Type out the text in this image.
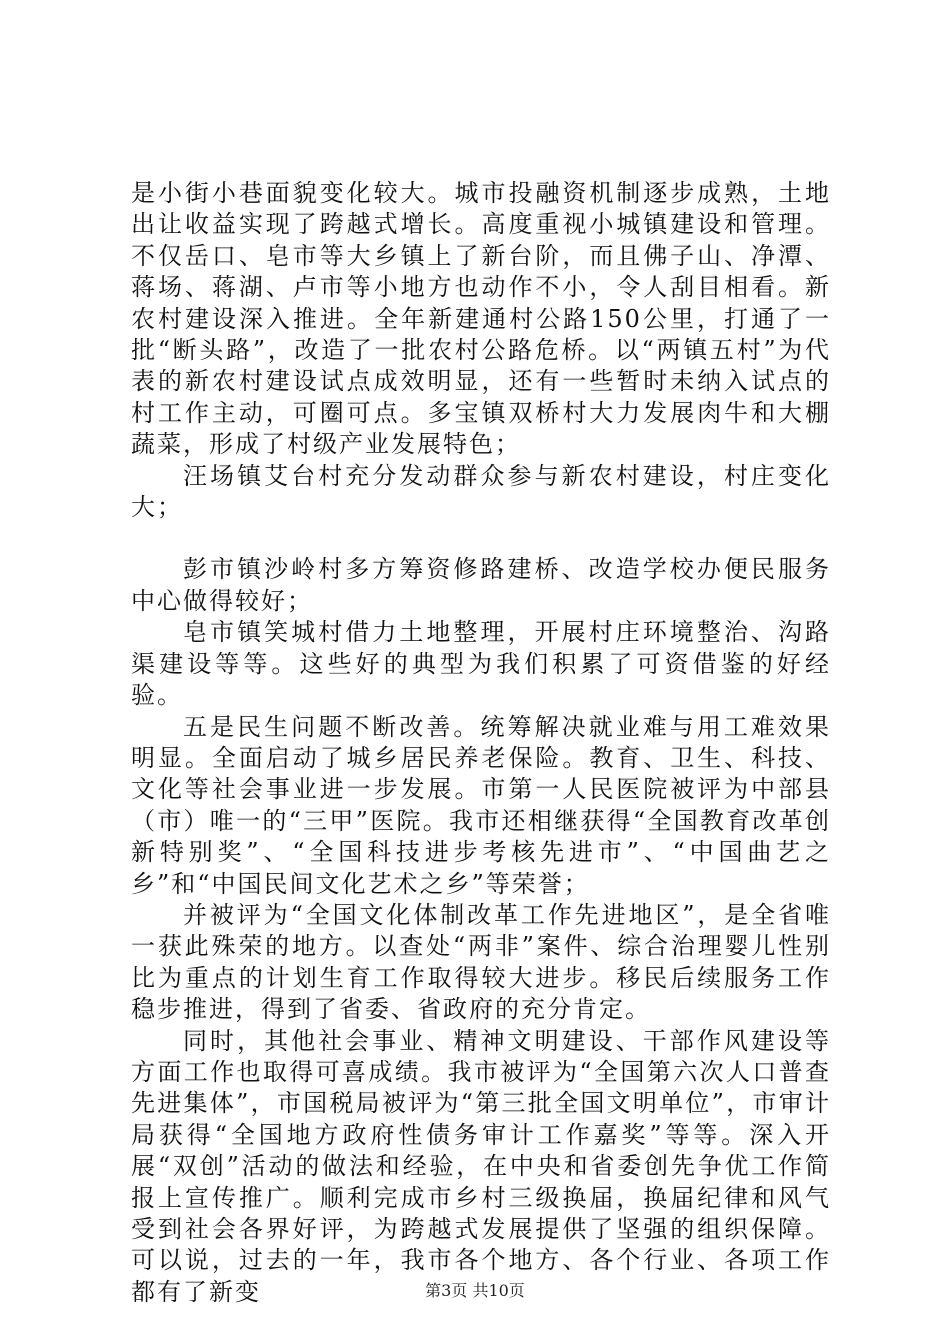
是小街小巷面貌变化较大。城市投融资机制逐步成熟，土地出让收益实现了跨越式增长。高度重视小城镇建设和管理。不仅岳口、皂市等大乡镇上了新台阶，而且佛子山、净潭、蒋场、蒋湖、卢市等小地方也动作不小，令人刮目相看。新农村建设深入推进。全年新建通村公路150公里，打通了一批“断头路”，改造了一批农村公路危桥。以“两镇五村”为代表的新农村建设试点成效明显，还有一些暂时未纳入试点的村工作主动，可圈可点。多宝镇双桥村大力发展肉牛和大棚蔬菜，形成了村级产业发展特色；

汪场镇艾台村充分发动群众参与新农村建设，村庄变化大；

彭市镇沙岭村多方筹资修路建桥、改造学校办便民服务中心做得较好；

皂市镇笑城村借力土地整理，开展村庄环境整治、沟路渠建设等等。这些好的典型为我们积累了可资借鉴的好经验。

五是民生问题不断改善。统筹解决就业难与用工难效果明显。全面启动了城乡居民养老保险。教育、卫生、科技、文化等社会事业进一步发展。市第一人民医院被评为中部县（市）唯一的“三甲”医院。我市还相继获得“全国教育改革创新特别奖”、“全国科技进步考核先进市”、“中国曲艺之乡”和“中国民间文化艺术之乡”等荣誉；

并被评为“全国文化体制改革工作先进地区”，是全省唯一获此殊荣的地方。以查处“两非”案件、综合治理婴儿性别比为重点的计划生育工作取得较大进步。移民后续服务工作稳步推进，得到了省委、省政府的充分肯定。

同时，其他社会事业、精神文明建设、干部作风建设等方面工作也取得可喜成绩。我市被评为“全国第六次人口普查先进集体”，市国税局被评为“第三批全国文明单位”，市审计局获得“全国地方政府性债务审计工作嘉奖”等等。深入开展“双创”活动的做法和经验，在中央和省委创先争优工作简报上宣传推广。顺利完成市乡村三级换届，换届纪律和风气受到社会各界好评，为跨越式发展提供了坚强的组织保障。可以说，过去的一年，我市各个地方、各个行业、各项工作都有了新变	第3页 共10页
